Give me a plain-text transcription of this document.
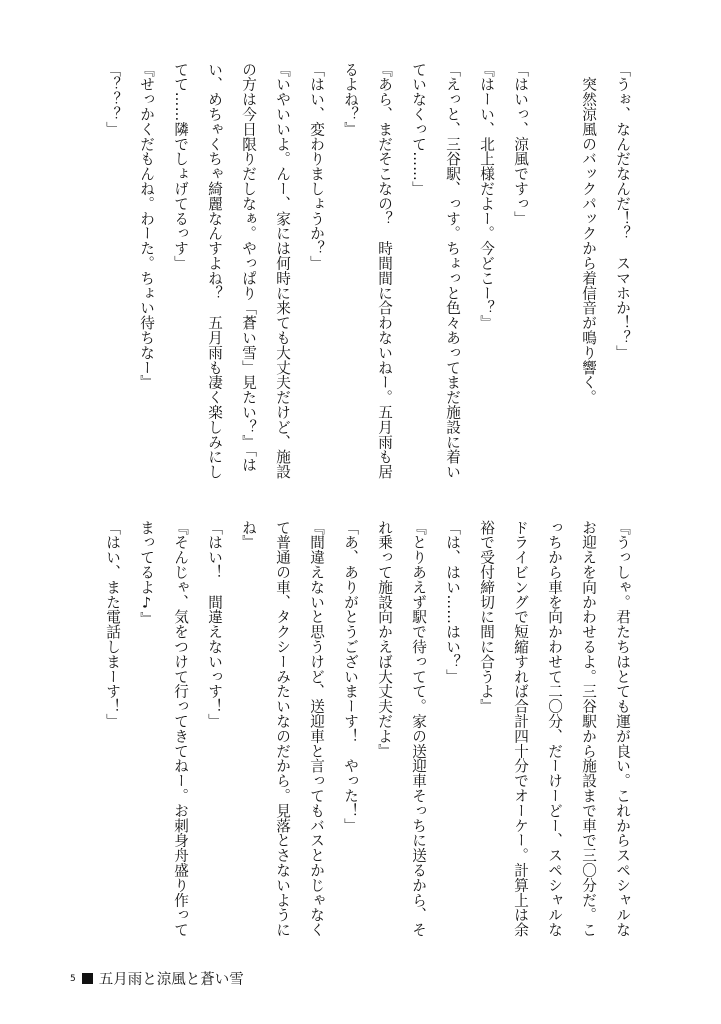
「うぉ、なんだなんだ！？　スマホか！？」
　突然涼風のバックパックから着信音が鳴り響く。

「はいっ、涼風ですっ」
『はーい、北上様だよー。今どこー？』
「えっと、三谷駅、っす。ちょっと色々あってまだ施設に着い
ていなくって……」
『あら、まだそこなの？　時間間に合わないねー。五月雨も居
るよね？』
「はい、変わりましょうか？」
『いやいいよ。んー、家には何時に来ても大丈夫だけど、施設
の方は今日限りだしなぁ。やっぱり「蒼い雪」見たい？』「は
い、めちゃくちゃ綺麗なんすよね？　五月雨も凄く楽しみにし
てて……隣でしょげてるっす」
『せっかくだもんね。わーた。ちょい待ちなー』
「？？？」
『うっしゃ。君たちはとても運が良い。これからスペシャルな
お迎えを向かわせるよ。三谷駅から施設まで車で三〇分だ。こ
っちから車を向かわせて二〇分、だーけーどー、スペシャルな
ドライビングで短縮すれば合計四十分でオーケー。計算上は余
裕で受付締切に間に合うよ』
「は、はい……はい？」
『とりあえず駅で待ってて。家の送迎車そっちに送るから、そ
れ乗って施設向かえば大丈夫だよ』
「あ、ありがとうございまーす！　やった！」
『間違えないと思うけど、送迎車と言ってもバスとかじゃなく
て普通の車、タクシーみたいなのだから。見落とさないように
ね』
「はい！　間違えないっす！」
『そんじゃ、気をつけて行ってきてねー。お刺身舟盛り作って
まってるよ♪』
「はい、また電話しまーす！」
5 五月雨と涼風と蒼い雪
